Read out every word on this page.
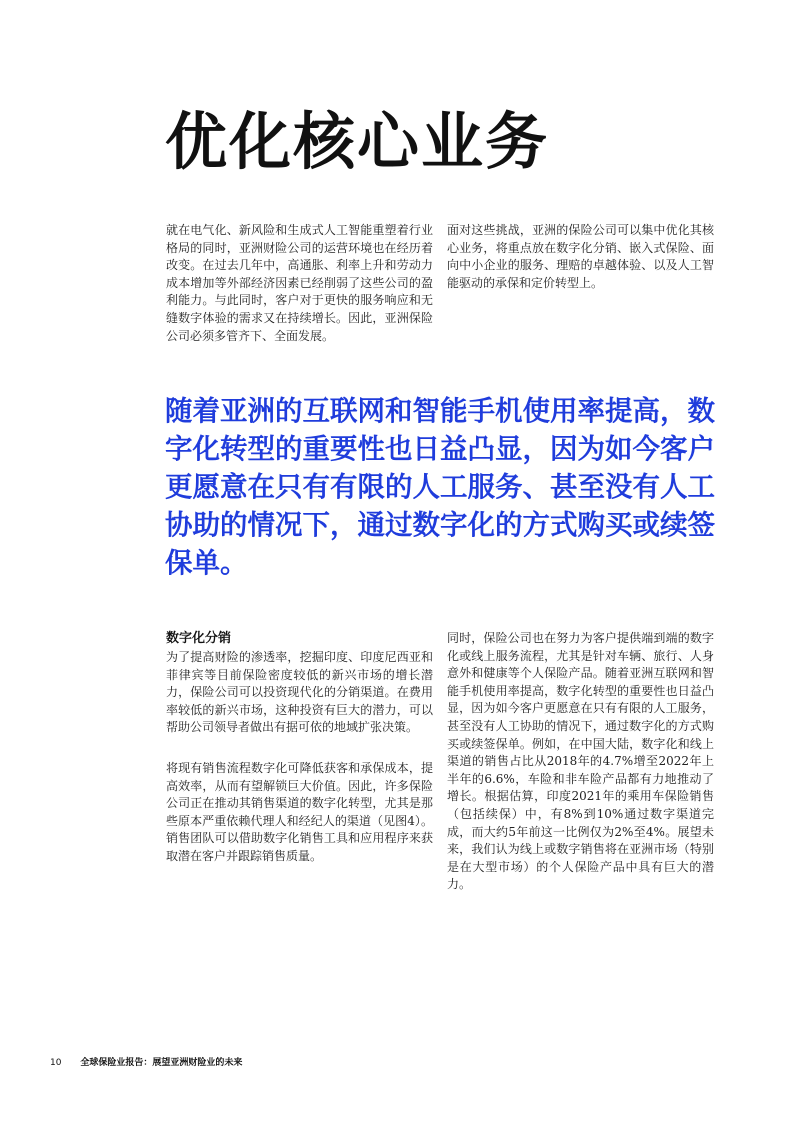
优化核心业务

就在电气化、新风险和生成式人工智能重塑着行业格局的同时，亚洲财险公司的运营环境也在经历着改变。在过去几年中，高通胀、利率上升和劳动力成本增加等外部经济因素已经削弱了这些公司的盈利能力。与此同时，客户对于更快的服务响应和无缝数字体验的需求又在持续增长。因此，亚洲保险公司必须多管齐下、全面发展。

面对这些挑战，亚洲的保险公司可以集中优化其核心业务，将重点放在数字化分销、嵌入式保险、面向中小企业的服务、理赔的卓越体验、以及人工智能驱动的承保和定价转型上。

随着亚洲的互联网和智能手机使用率提高，数字化转型的重要性也日益凸显，因为如今客户更愿意在只有有限的人工服务、甚至没有人工协助的情况下，通过数字化的方式购买或续签保单。

数字化分销

为了提高财险的渗透率，挖掘印度、印度尼西亚和菲律宾等目前保险密度较低的新兴市场的增长潜力，保险公司可以投资现代化的分销渠道。在费用率较低的新兴市场，这种投资有巨大的潜力，可以帮助公司领导者做出有据可依的地域扩张决策。

将现有销售流程数字化可降低获客和承保成本，提高效率，从而有望解锁巨大价值。因此，许多保险公司正在推动其销售渠道的数字化转型，尤其是那些原本严重依赖代理人和经纪人的渠道（见图4）。销售团队可以借助数字化销售工具和应用程序来获取潜在客户并跟踪销售质量。

同时，保险公司也在努力为客户提供端到端的数字化或线上服务流程，尤其是针对车辆、旅行、人身意外和健康等个人保险产品。随着亚洲互联网和智能手机使用率提高，数字化转型的重要性也日益凸显，因为如今客户更愿意在只有有限的人工服务，甚至没有人工协助的情况下，通过数字化的方式购买或续签保单。例如，在中国大陆，数字化和线上渠道的销售占比从2018年的4.7%增至2022年上半年的6.6%，车险和非车险产品都有力地推动了增长。根据估算，印度2021年的乘用车保险销售（包括续保）中，有8%到10%通过数字渠道完成，而大约5年前这一比例仅为2%至4%。展望未来，我们认为线上或数字销售将在亚洲市场（特别是在大型市场）的个人保险产品中具有巨大的潜力。

10 全球保险业报告：展望亚洲财险业的未来
